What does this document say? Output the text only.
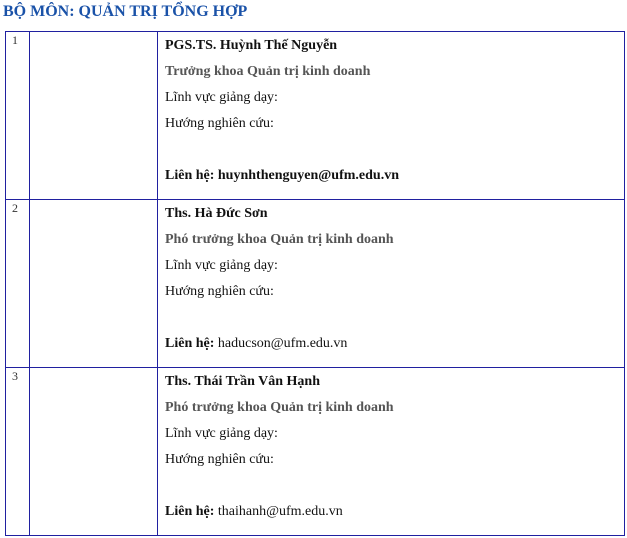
BỘ MÔN: QUẢN TRỊ TỔNG HỢP
1		PGS.TS. Huỳnh Thế Nguyễn
Trưởng khoa Quản trị kinh doanh
Lĩnh vực giảng dạy:
Hướng nghiên cứu:
Liên hệ: huynhthenguyen@ufm.edu.vn

2		Ths. Hà Đức Sơn
Phó trưởng khoa Quản trị kinh doanh
Lĩnh vực giảng dạy:
Hướng nghiên cứu:
Liên hệ: haducson@ufm.edu.vn

3		Ths. Thái Trần Vân Hạnh
Phó trưởng khoa Quản trị kinh doanh
Lĩnh vực giảng dạy:
Hướng nghiên cứu:
Liên hệ: thaihanh@ufm.edu.vn
